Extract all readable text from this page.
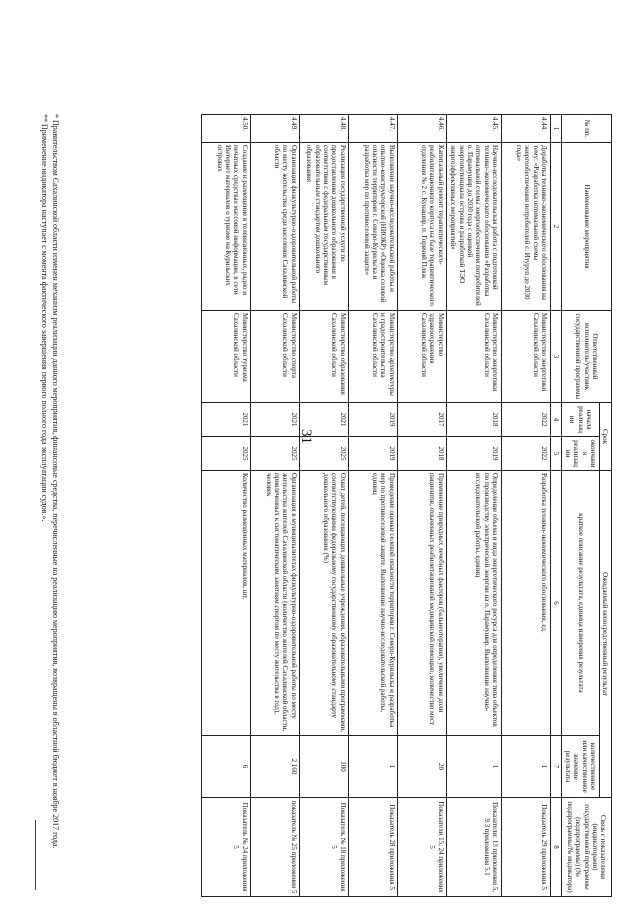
31
№ пп.	Наименование мероприятия	Ответственный исполнитель/участник государственной программы	Срок		Ожидаемый непосредственный результат		Связь с показателями (индикаторами) государственной программы (подпрограммы) (№ подпрограммы/№ индикатора)
			начала реализации	окончания реализации	краткое описание результата, единица измерения результата	количественное или качественное значение результата	
1	2	3	4	5	6	7	8
4.44.	Доработка технико-экономического обоснования на тему: «Разработка оптимальной схемы энергообеспечения потребителей с. Итуруп до 2030 года»	Министерство энергетики Сахалинской области	2022	2022	Разработка технико-экономического обоснования, ед.	1	Показатель 29 приложения 5
4.45.	Научно-исследовательская работа с подготовкой технико-экономического обоснования «Разработка оптимальной схемы энергообеспечения потребителей о. Парамушир до 2030 года с оценкой энергопотенциала острова и разработкой ТЭО энергоэффективных мероприятий»	Министерство энергетики Сахалинской области	2018	2019	Определение объема и вида энергетического ресурса для определения типа объектов по производству электрической энергии на о. Парамушир. Выполнение научно-исследовательской работы, единиц	1	Показатели: 13 приложения 5, 9.3 приложения 5.1
4.46.	Капитальный ремонт терапевтического-реабилитационного корпуса на базе терапевтического отделения № 2 с. Кунашир, п. Горячий Пляж	Министерство здравоохранения Сахалинской области	2017	2018	Применение природных лечебных факторов (бальнеотерапия), увеличение доли пациентов, охваченных реабилитационной медицинской помощью, количество мест	20	Показатели 15, 24 приложения 5
4.47.	Выполнение научно-исследовательской работы и опытно-конструкторской (НИОКР) «Оценка селевой опасности территории г. Северо-Курильска и разработка мер по противоселевой защите»	Министерство архитектуры и градостроительства Сахалинской области	2019	2019	Проведение оценки селевой опасности территории г. Северо-Курильска и разработка мер по противоселевой защите. Выполнение научно-исследовательской работы, единиц	1	Показатель 28 приложения 5
4.48.	Реализация государственной услуги по предоставлению дошкольного образования в соответствии с федеральным государственным образовательным стандартом дошкольного образования	Министерство образования Сахалинской области	2021	2025	Охват детей, посещающих дошкольные учреждения, образовательными программами, соответствующими федеральному государственному образовательному стандарту дошкольного образования (%)	100	Показатель № 18 приложения 5
4.49.	Организация физкультурно-оздоровительной работы по месту жительства среди населения Сахалинской области	Министерство спорта Сахалинской области	2021	2025	Организация в муниципалитетах физкультурно-оздоровительной работы по месту жительства жителей Сахалинской области (количество жителей Сахалинской области, привлеченных к систематическим занятиям спортом по месту жительства в год), человек	2 160	показатель № 25 приложения 5
4.50.	Создание и размещение в телевизионных, радио и печатных средствах массовой информации, в сети Интернет материалов о туризме на Курильских островах	Министерство туризма Сахалинской области	2021	2025	Количество размещенных материалов, шт.	6	Показатель № 24 приложения 5

* Правительством Сахалинской области изменен механизм реализации данного мероприятия, финансовые средства, перечисленные на реализацию мероприятия, возвращены в областной бюджет в ноябре 2017 года.

** Применение индикатора наступает с момента фактического завершения первого полного года эксплуатации судов.».
